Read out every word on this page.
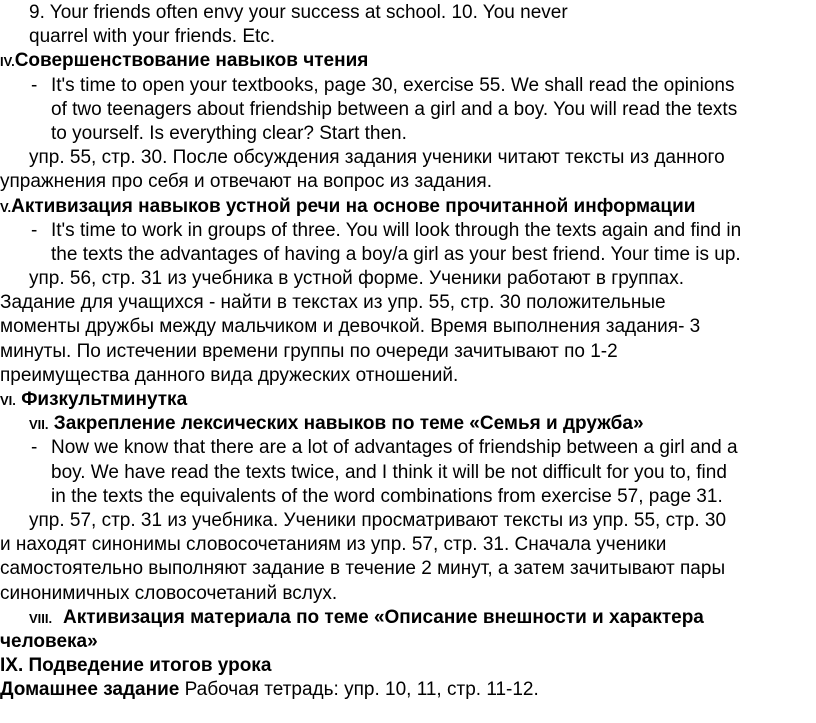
9. Your friends often envy your success at school. 10. You never
quarrel with your friends. Etc.
IV.Совершенствование навыков чтения
- It's time to open your textbooks, page 30, exercise 55. We shall read the opinions
of two teenagers about friendship between a girl and a boy. You will read the texts
to yourself. Is everything clear? Start then.
упр. 55, стр. 30. После обсуждения задания ученики читают тексты из данного
упражнения про себя и отвечают на вопрос из задания.
V.Активизация навыков устной речи на основе прочитанной информации
- It's time to work in groups of three. You will look through the texts again and find in
the texts the advantages of having a boy/a girl as your best friend. Your time is up.
упр. 56, стр. 31 из учебника в устной форме. Ученики работают в группах.
Задание для учащихся - найти в текстах из упр. 55, стр. 30 положительные
моменты дружбы между мальчиком и девочкой. Время выполнения задания- 3
минуты. По истечении времени группы по очереди зачитывают по 1-2
преимущества данного вида дружеских отношений.
VI. Физкультминутка
VII. Закрепление лексических навыков по теме «Семья и дружба»
- Now we know that there are a lot of advantages of friendship between a girl and a
boy. We have read the texts twice, and I think it will be not difficult for you to, find
in the texts the equivalents of the word combinations from exercise 57, page 31.
упр. 57, стр. 31 из учебника. Ученики просматривают тексты из упр. 55, стр. 30
и находят синонимы словосочетаниям из упр. 57, стр. 31. Сначала ученики
самостоятельно выполняют задание в течение 2 минут, а затем зачитывают пары
синонимичных словосочетаний вслух.
VIII. Активизация материала по теме «Описание внешности и характера
человека»
IX. Подведение итогов урока
Домашнее задание Рабочая тетрадь: упр. 10, 11, стр. 11-12.
